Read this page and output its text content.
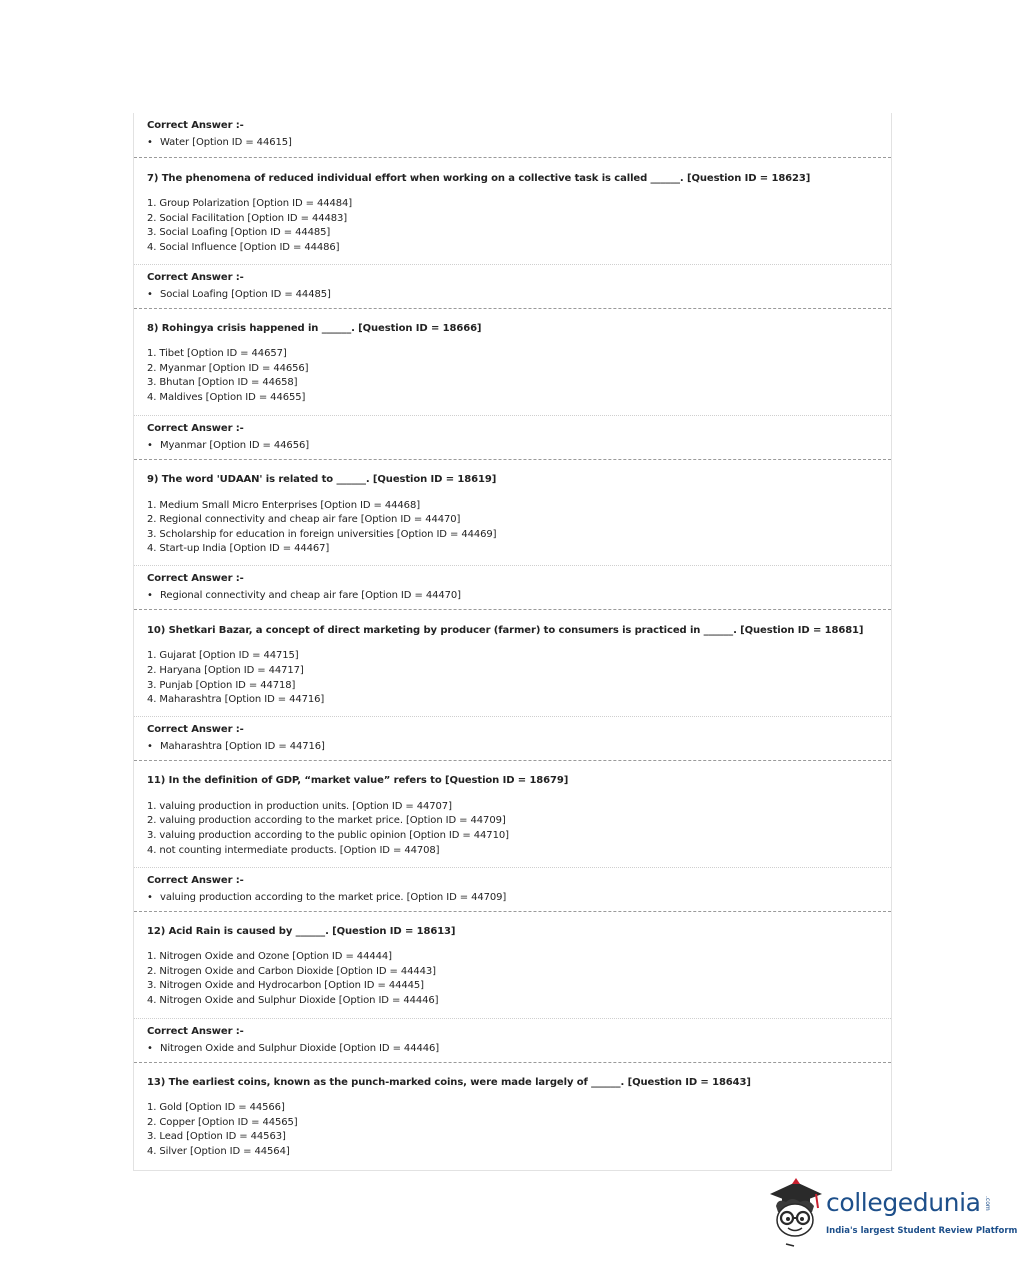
Correct Answer :-
• Water [Option ID = 44615]
7) The phenomena of reduced individual effort when working on a collective task is called ______. [Question ID = 18623]
1. Group Polarization [Option ID = 44484]
2. Social Facilitation [Option ID = 44483]
3. Social Loafing [Option ID = 44485]
4. Social Influence [Option ID = 44486]
Correct Answer :-
• Social Loafing [Option ID = 44485]
8) Rohingya crisis happened in ______. [Question ID = 18666]
1. Tibet [Option ID = 44657]
2. Myanmar [Option ID = 44656]
3. Bhutan [Option ID = 44658]
4. Maldives [Option ID = 44655]
Correct Answer :-
• Myanmar [Option ID = 44656]
9) The word 'UDAAN' is related to ______. [Question ID = 18619]
1. Medium Small Micro Enterprises [Option ID = 44468]
2. Regional connectivity and cheap air fare [Option ID = 44470]
3. Scholarship for education in foreign universities [Option ID = 44469]
4. Start-up India [Option ID = 44467]
Correct Answer :-
• Regional connectivity and cheap air fare [Option ID = 44470]
10) Shetkari Bazar, a concept of direct marketing by producer (farmer) to consumers is practiced in ______. [Question ID = 18681]
1. Gujarat [Option ID = 44715]
2. Haryana [Option ID = 44717]
3. Punjab [Option ID = 44718]
4. Maharashtra [Option ID = 44716]
Correct Answer :-
• Maharashtra [Option ID = 44716]
11) In the definition of GDP, “market value” refers to [Question ID = 18679]
1. valuing production in production units. [Option ID = 44707]
2. valuing production according to the market price. [Option ID = 44709]
3. valuing production according to the public opinion [Option ID = 44710]
4. not counting intermediate products. [Option ID = 44708]
Correct Answer :-
• valuing production according to the market price. [Option ID = 44709]
12) Acid Rain is caused by ______. [Question ID = 18613]
1. Nitrogen Oxide and Ozone [Option ID = 44444]
2. Nitrogen Oxide and Carbon Dioxide [Option ID = 44443]
3. Nitrogen Oxide and Hydrocarbon [Option ID = 44445]
4. Nitrogen Oxide and Sulphur Dioxide [Option ID = 44446]
Correct Answer :-
• Nitrogen Oxide and Sulphur Dioxide [Option ID = 44446]
13) The earliest coins, known as the punch-marked coins, were made largely of ______. [Question ID = 18643]
1. Gold [Option ID = 44566]
2. Copper [Option ID = 44565]
3. Lead [Option ID = 44563]
4. Silver [Option ID = 44564]
collegedunia .com
India's largest Student Review Platform
